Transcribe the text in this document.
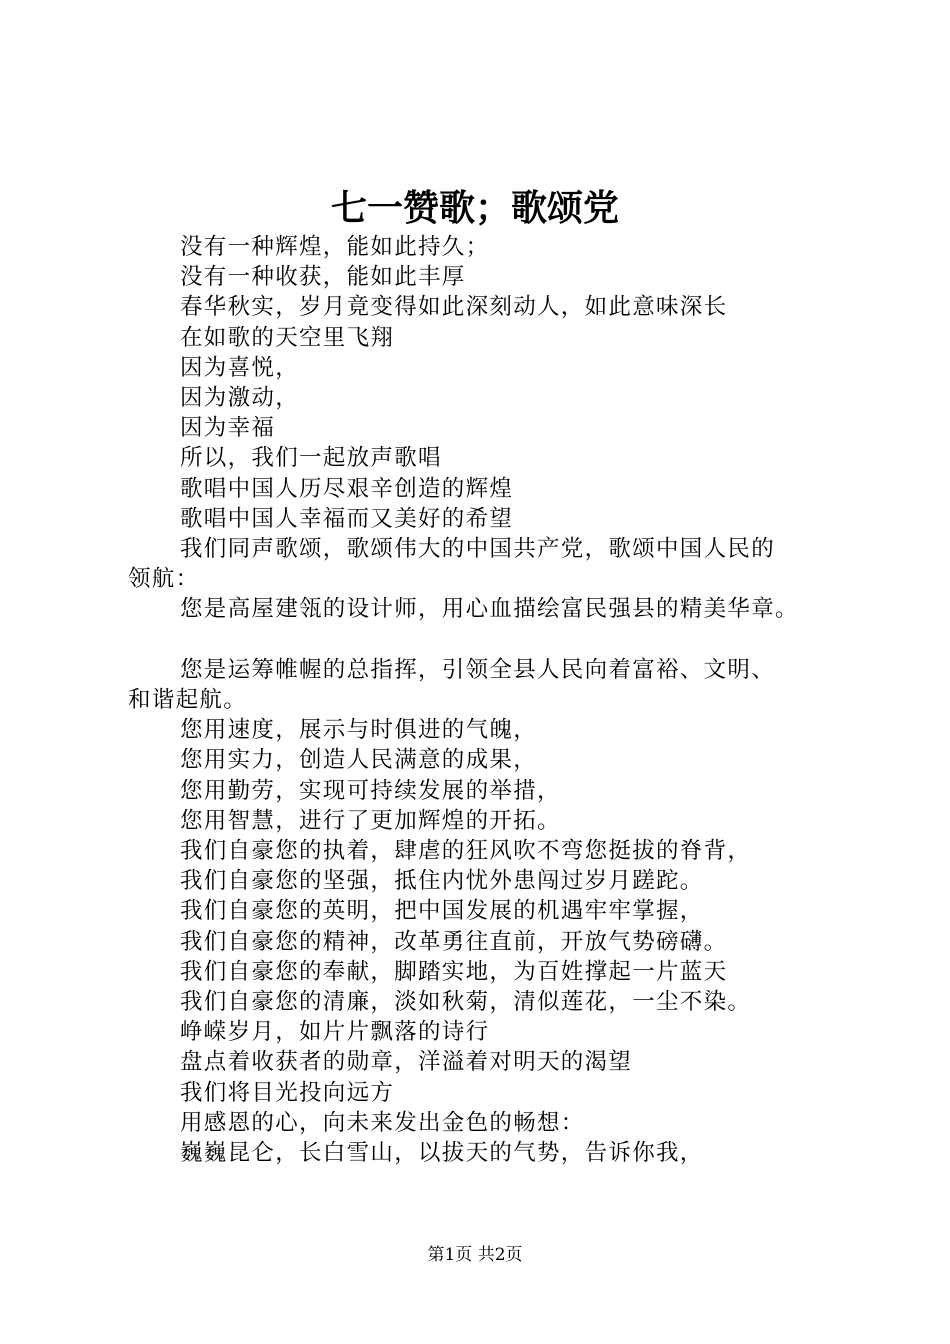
七一赞歌；歌颂党

没有一种辉煌，能如此持久；

没有一种收获，能如此丰厚

春华秋实，岁月竟变得如此深刻动人，如此意味深长

在如歌的天空里飞翔

因为喜悦，

因为激动，

因为幸福

所以，我们一起放声歌唱

歌唱中国人历尽艰辛创造的辉煌

歌唱中国人幸福而又美好的希望

我们同声歌颂，歌颂伟大的中国共产党，歌颂中国人民的

领航：

您是高屋建瓴的设计师，用心血描绘富民强县的精美华章。

您是运筹帷幄的总指挥，引领全县人民向着富裕、文明、

和谐起航。

您用速度，展示与时俱进的气魄，

您用实力，创造人民满意的成果，

您用勤劳，实现可持续发展的举措，

您用智慧，进行了更加辉煌的开拓。

我们自豪您的执着，肆虐的狂风吹不弯您挺拔的脊背，

我们自豪您的坚强，抵住内忧外患闯过岁月蹉跎。

我们自豪您的英明，把中国发展的机遇牢牢掌握，

我们自豪您的精神，改革勇往直前，开放气势磅礴。

我们自豪您的奉献，脚踏实地，为百姓撑起一片蓝天

我们自豪您的清廉，淡如秋菊，清似莲花，一尘不染。

峥嵘岁月，如片片飘落的诗行

盘点着收获者的勋章，洋溢着对明天的渴望

我们将目光投向远方

用感恩的心，向未来发出金色的畅想：

巍巍昆仑，长白雪山，以拔天的气势，告诉你我，

第1页 共2页
